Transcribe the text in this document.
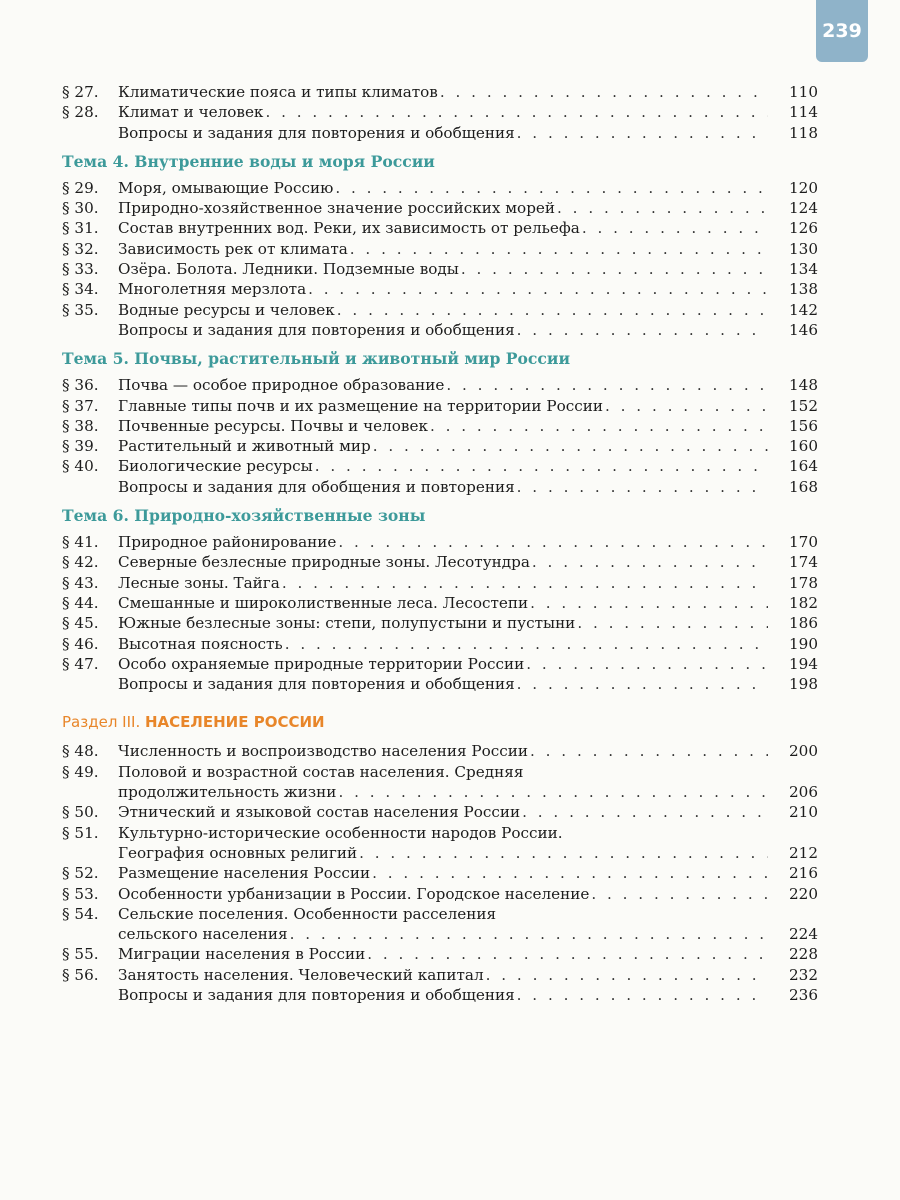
239
§ 27.	Климатические пояса и типы климатов . . .	110
§ 28.	Климат и человек . . .	114
Вопросы и задания для повторения и обобщения . . .	118
Тема 4. Внутренние воды и моря России
§ 29.	Моря, омывающие Россию . . .	120
§ 30.	Природно-хозяйственное значение российских морей . . .	124
§ 31.	Состав внутренних вод. Реки, их зависимость от рельефа . . .	126
§ 32.	Зависимость рек от климата . . .	130
§ 33.	Озёра. Болота. Ледники. Подземные воды . . .	134
§ 34.	Многолетняя мерзлота . . .	138
§ 35.	Водные ресурсы и человек . . .	142
Вопросы и задания для повторения и обобщения . . .	146
Тема 5. Почвы, растительный и животный мир России
§ 36.	Почва — особое природное образование . . .	148
§ 37.	Главные типы почв и их размещение на территории России . . .	152
§ 38.	Почвенные ресурсы. Почвы и человек . . .	156
§ 39.	Растительный и животный мир . . .	160
§ 40.	Биологические ресурсы . . .	164
Вопросы и задания для обобщения и повторения . . .	168
Тема 6. Природно-хозяйственные зоны
§ 41.	Природное районирование . . .	170
§ 42.	Северные безлесные природные зоны. Лесотундра . . .	174
§ 43.	Лесные зоны. Тайга . . .	178
§ 44.	Смешанные и широколиственные леса. Лесостепи . . .	182
§ 45.	Южные безлесные зоны: степи, полупустыни и пустыни . . .	186
§ 46.	Высотная поясность . . .	190
§ 47.	Особо охраняемые природные территории России . . .	194
Вопросы и задания для повторения и обобщения . . .	198
Раздел III. НАСЕЛЕНИЕ РОССИИ
§ 48.	Численность и воспроизводство населения России . . .	200
§ 49.	Половой и возрастной состав населения. Средняя
продолжительность жизни . . .	206
§ 50.	Этнический и языковой состав населения России . . .	210
§ 51.	Культурно-исторические особенности народов России.
География основных религий . . .	212
§ 52.	Размещение населения России . . .	216
§ 53.	Особенности урбанизации в России. Городское население . . .	220
§ 54.	Сельские поселения. Особенности расселения
сельского населения . . .	224
§ 55.	Миграции населения в России . . .	228
§ 56.	Занятость населения. Человеческий капитал . . .	232
Вопросы и задания для повторения и обобщения . . .	236
